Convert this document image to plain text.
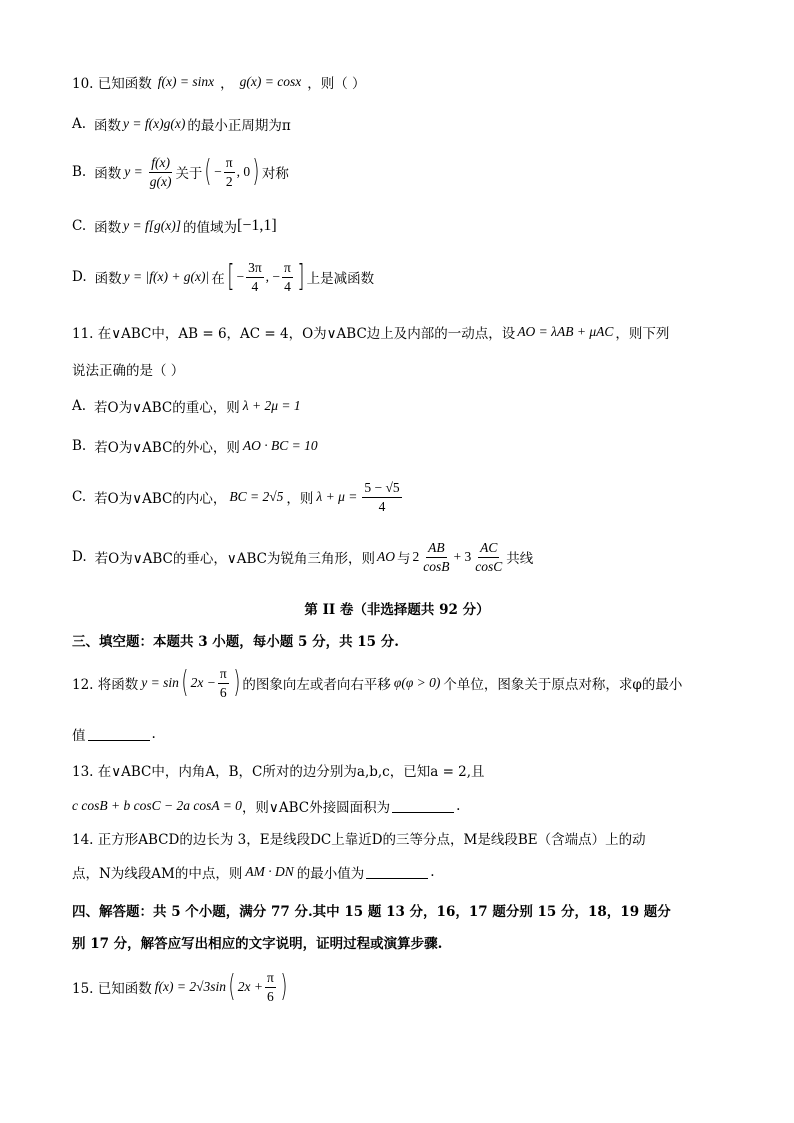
10. 已知函数 f(x) = sinx ， g(x) = cosx ，则（ ）
A. 函数 y = f(x)g(x) 的最小正周期为π
B. 函数 $y = \frac{f(x)}{g(x)}$ 关于 ( − $\frac{\pi}{2}$ , 0 ) 对称
C. 函数 y = f[g(x)] 的值域为 [−1,1]
D. 函数 y = |f(x) + g(x)| 在 [ − $\frac{3\pi}{4}$ , − $\frac{\pi}{4}$ ] 上是减函数
11. 在∨ABC中，AB = 6，AC = 4，O为∨ABC边上及内部的一动点，设 AO = λAB + μAC ，则下列
说法正确的是（ ）
A. 若O为∨ABC的重心，则 λ + 2μ = 1
B. 若O为∨ABC的外心，则 AO · BC = 10
C. 若O为∨ABC的内心， BC = 2√5 ，则 $\lambda + \mu = \frac{5 - √5}{4}$
D. 若O为∨ABC的垂心，∨ABC为锐角三角形，则 AO 与 $2 \frac{AB}{\cos B} + 3 \frac{AC}{\cos C}$ 共线
第 II 卷（非选择题共 92 分）
三、填空题：本题共 3 小题，每小题 5 分，共 15 分.
12. 将函数 y = sin ( $2x - \frac{\pi}{6}$ ) 的图象向左或者向右平移 φ(φ > 0) 个单位，图象关于原点对称，求φ的最小
值	.
13. 在∨ABC中，内角A，B，C所对的边分别为a,b,c，已知a = 2,且
c cosB + b cosC − 2a cosA = 0 ，则∨ABC外接圆面积为	.
14. 正方形ABCD的边长为 3，E是线段DC上靠近D的三等分点，M是线段BE（含端点）上的动
点，N为线段AM的中点，则 AM · DN 的最小值为	.
四、解答题：共 5 个小题，满分 77 分.其中 15 题 13 分，16，17 题分别 15 分，18，19 题分
别 17 分，解答应写出相应的文字说明，证明过程或演算步骤.
15. 已知函数 f(x) = 2√3sin ( $2x + \frac{\pi}{6}$ )
